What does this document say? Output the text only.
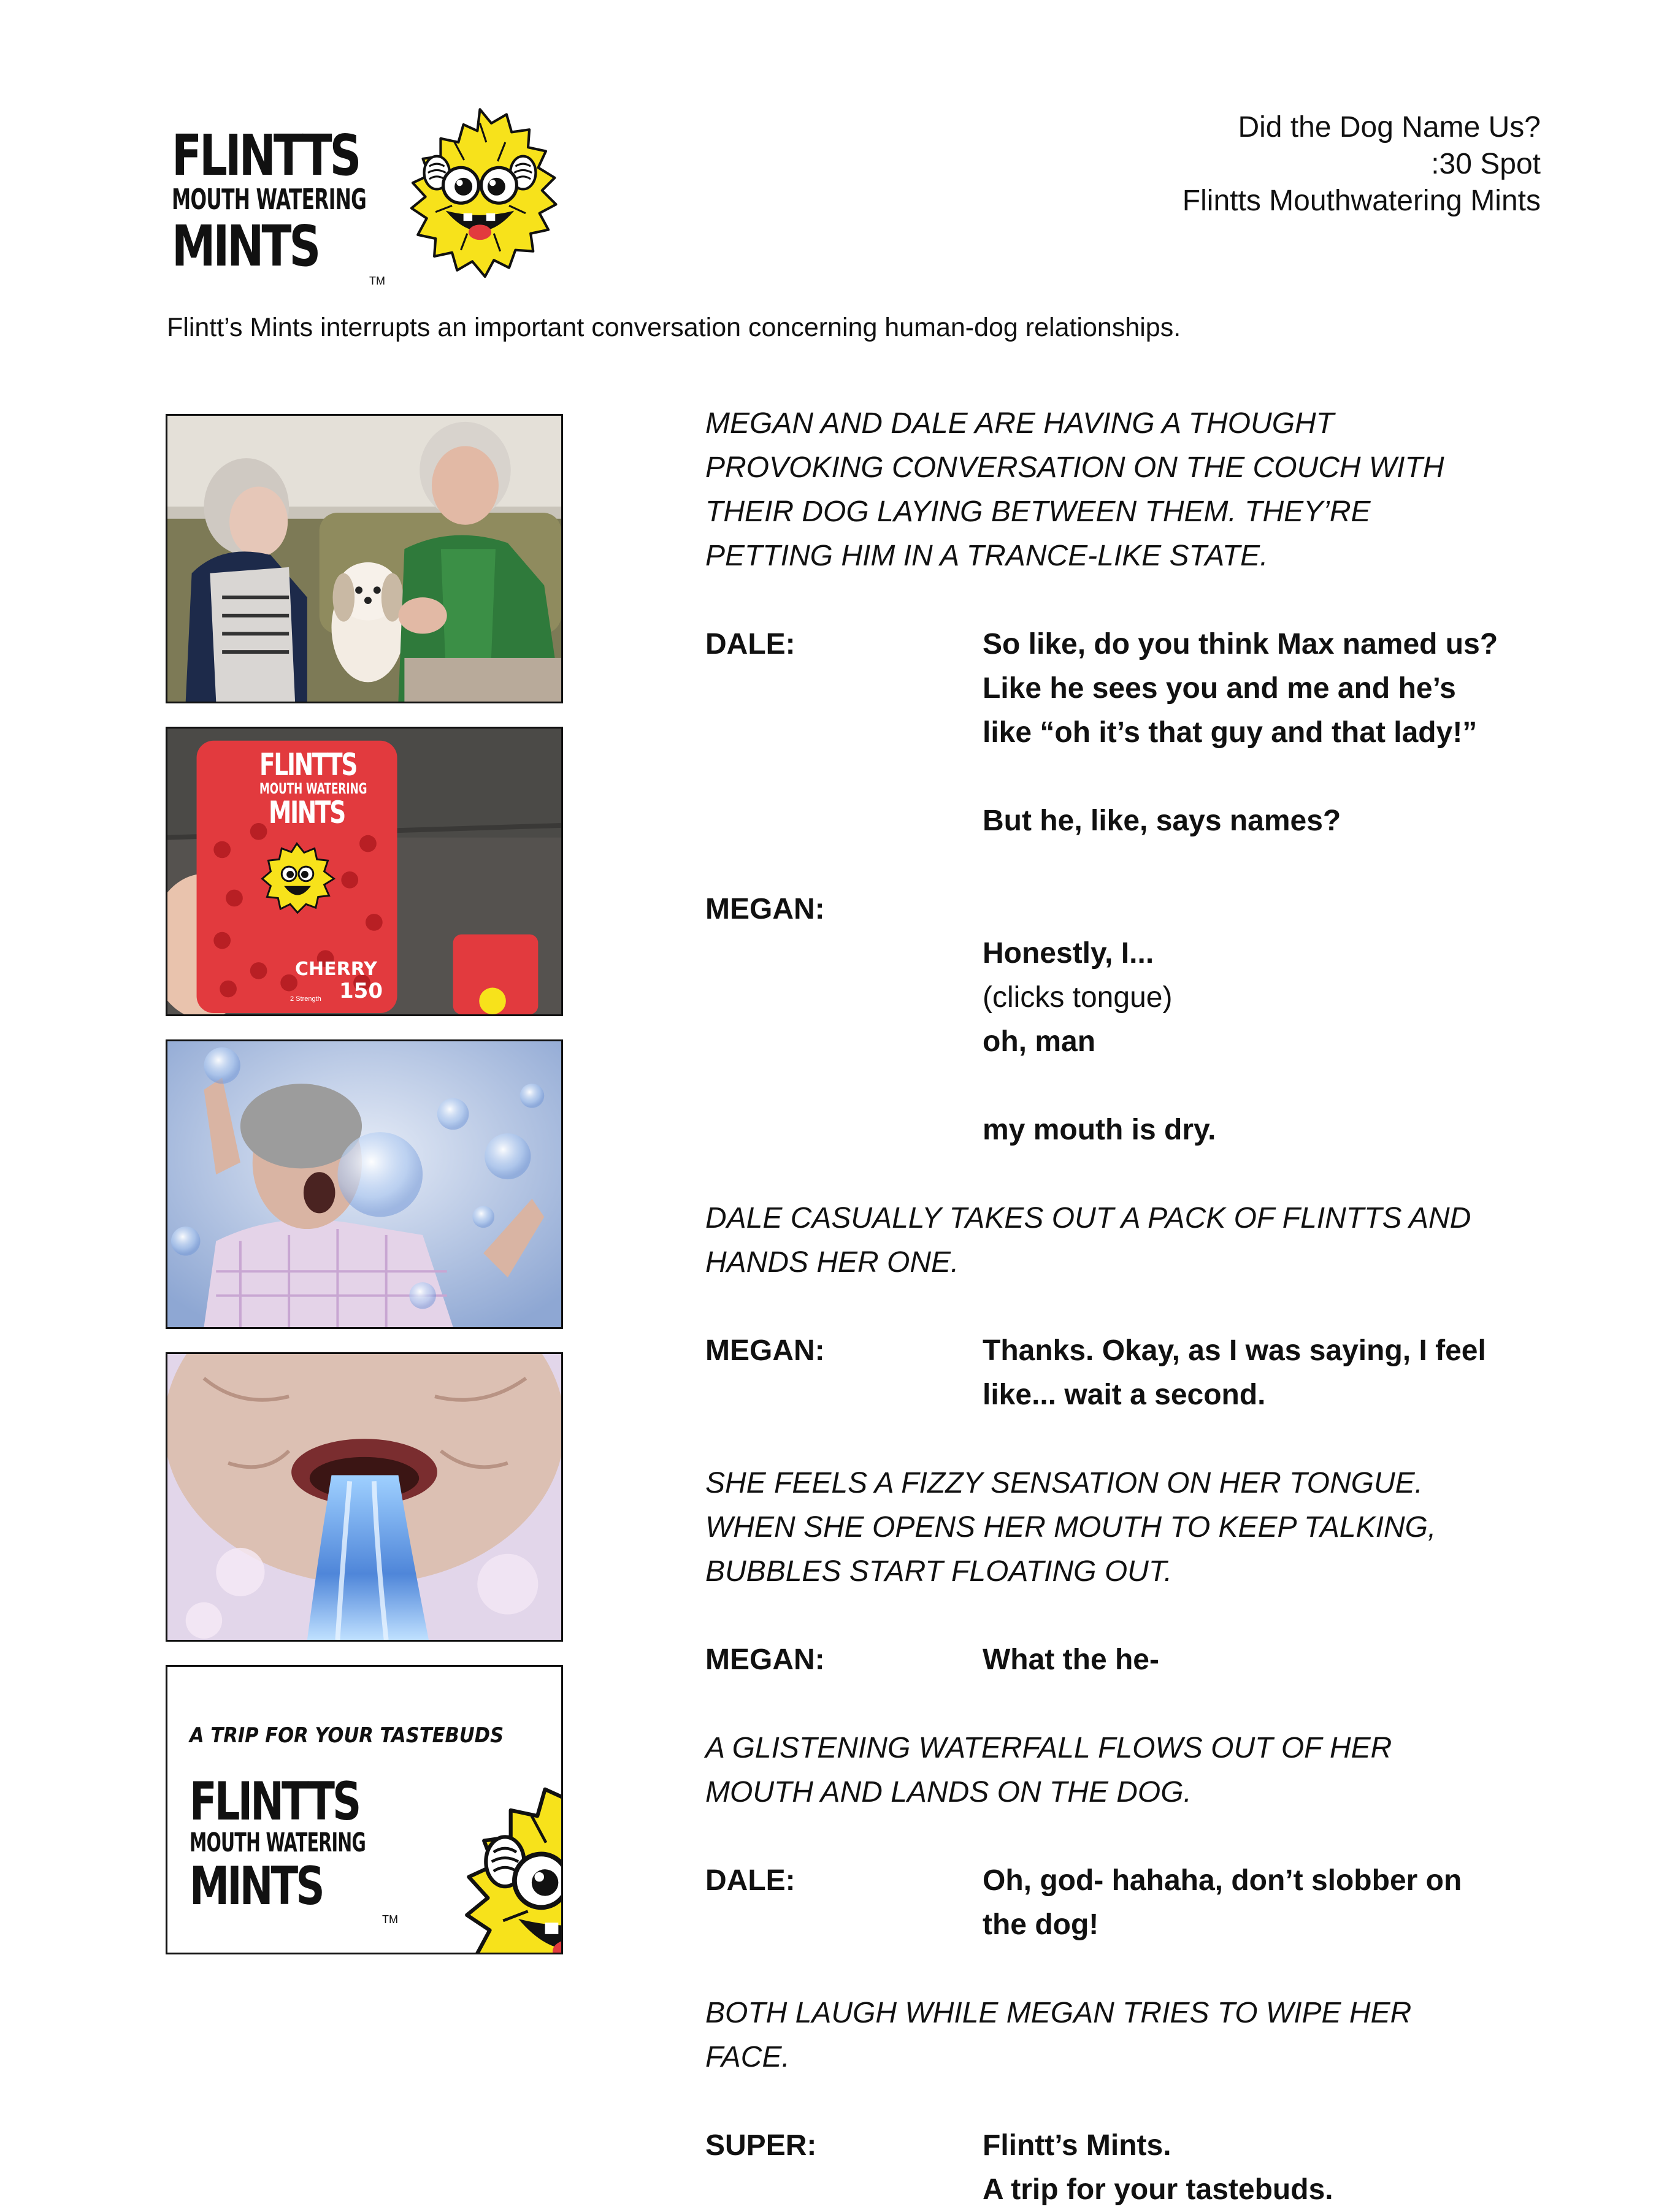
FLINTTS
MOUTH WATERING
MINTS
TM
Did the Dog Name Us?
:30 Spot
Flintts Mouthwatering Mints
Flintt’s Mints interrupts an important conversation concerning human-dog relationships.
FLINTTS
MOUTH WATERING
MINTS
CHERRY
150
2 Strength
A TRIP FOR YOUR TASTEBUDS
FLINTTS
MOUTH WATERING
MINTS
TM
MEGAN AND DALE ARE HAVING A THOUGHT
PROVOKING CONVERSATION ON THE COUCH WITH
THEIR DOG LAYING BETWEEN THEM. THEY’RE
PETTING HIM IN A TRANCE-LIKE STATE.
DALE:	So like, do you think Max named us?
Like he sees you and me and he’s
like “oh it’s that guy and that lady!”
But he, like, says names?
MEGAN:

Honestly, I...
(clicks tongue)
oh, man

my mouth is dry.

DALE CASUALLY TAKES OUT A PACK OF FLINTTS AND
HANDS HER ONE.
MEGAN:	Thanks. Okay, as I was saying, I feel
like... wait a second.
SHE FEELS A FIZZY SENSATION ON HER TONGUE.
WHEN SHE OPENS HER MOUTH TO KEEP TALKING,
BUBBLES START FLOATING OUT.
MEGAN:	What the he-
A GLISTENING WATERFALL FLOWS OUT OF HER
MOUTH AND LANDS ON THE DOG.
DALE:	Oh, god- hahaha, don’t slobber on
the dog!
BOTH LAUGH WHILE MEGAN TRIES TO WIPE HER
FACE.
SUPER:	Flintt’s Mints.
A trip for your tastebuds.
